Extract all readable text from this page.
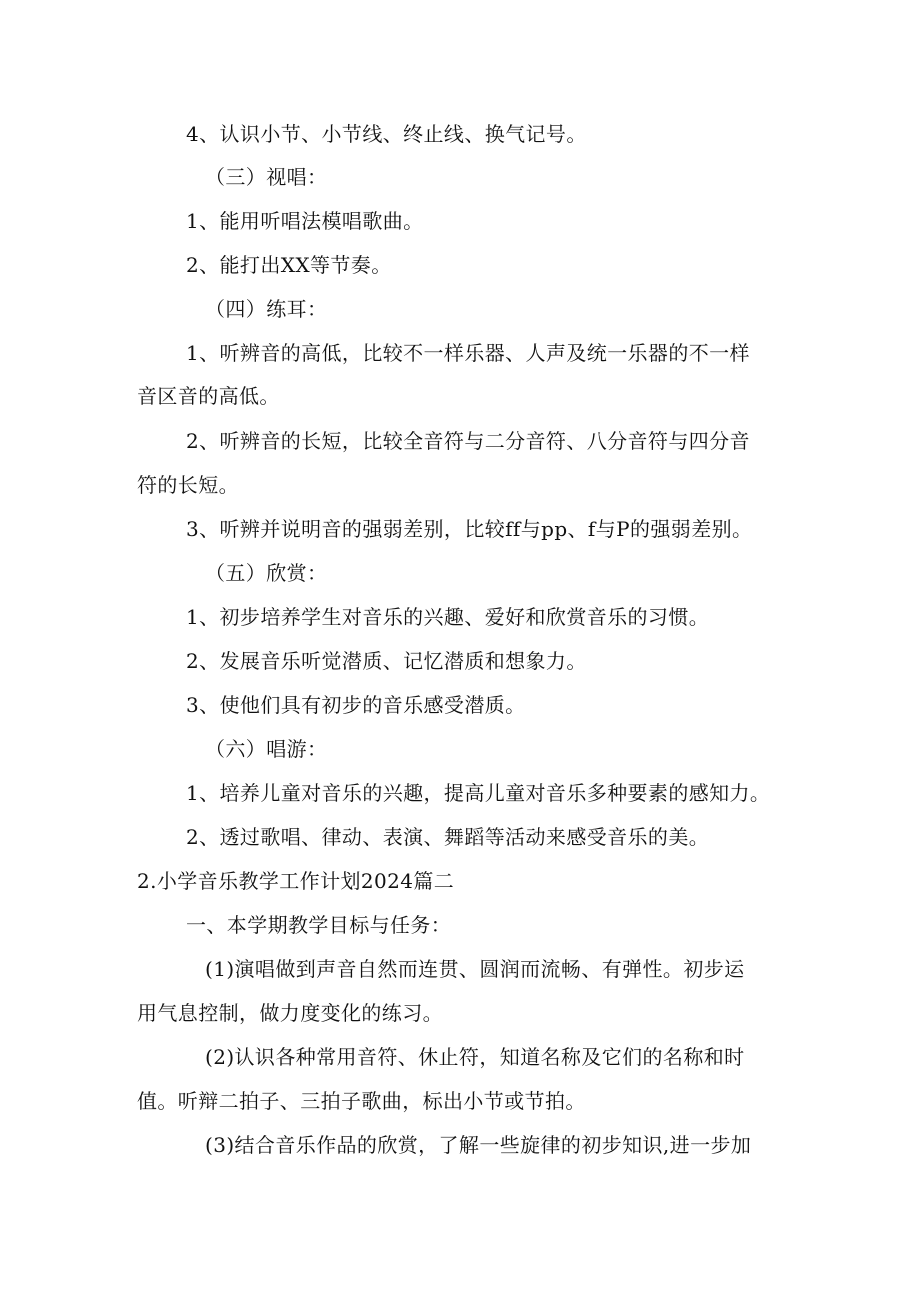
4、认识小节、小节线、终止线、换气记号。
（三）视唱：
1、能用听唱法模唱歌曲。
2、能打出XX等节奏。
（四）练耳：
1、听辨音的高低，比较不一样乐器、人声及统一乐器的不一样
音区音的高低。
2、听辨音的长短，比较全音符与二分音符、八分音符与四分音
符的长短。
3、听辨并说明音的强弱差别，比较ff与pp、f与P的强弱差别。
（五）欣赏：
1、初步培养学生对音乐的兴趣、爱好和欣赏音乐的习惯。
2、发展音乐听觉潜质、记忆潜质和想象力。
3、使他们具有初步的音乐感受潜质。
（六）唱游：
1、培养儿童对音乐的兴趣，提高儿童对音乐多种要素的感知力。
2、透过歌唱、律动、表演、舞蹈等活动来感受音乐的美。
2.小学音乐教学工作计划2024篇二
一、本学期教学目标与任务：
(1)演唱做到声音自然而连贯、圆润而流畅、有弹性。初步运
用气息控制，做力度变化的练习。
(2)认识各种常用音符、休止符，知道名称及它们的名称和时
值。听辩二拍子、三拍子歌曲，标出小节或节拍。
(3)结合音乐作品的欣赏，了解一些旋律的初步知识,进一步加
